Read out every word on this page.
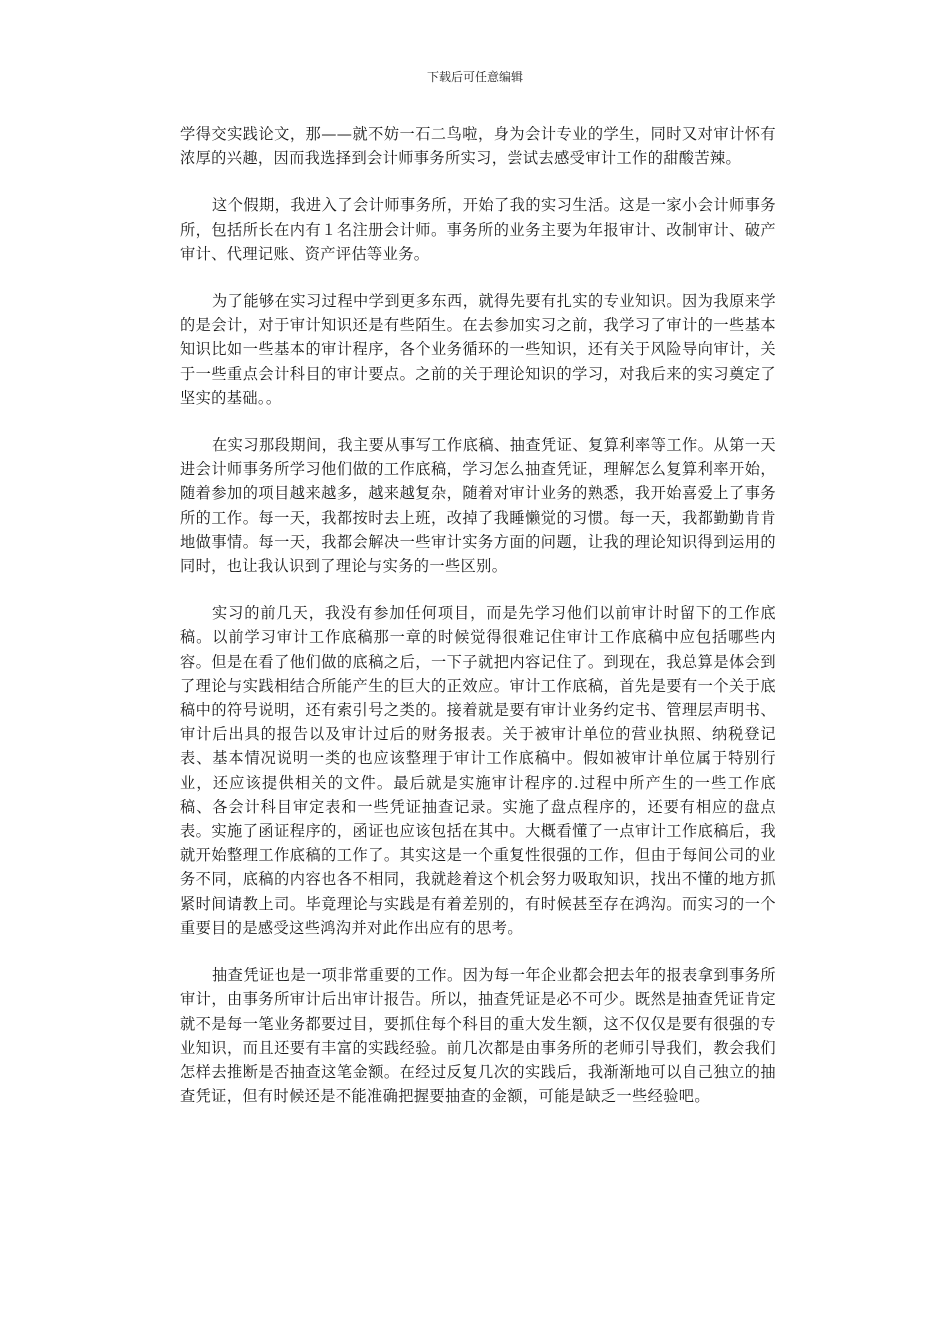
下载后可任意编辑

学得交实践论文，那——就不妨一石二鸟啦，身为会计专业的学生，同时又对审计怀有浓厚的兴趣，因而我选择到会计师事务所实习，尝试去感受审计工作的甜酸苦辣。

这个假期，我进入了会计师事务所，开始了我的实习生活。这是一家小会计师事务所，包括所长在内有１名注册会计师。事务所的业务主要为年报审计、改制审计、破产审计、代理记账、资产评估等业务。

为了能够在实习过程中学到更多东西，就得先要有扎实的专业知识。因为我原来学的是会计，对于审计知识还是有些陌生。在去参加实习之前，我学习了审计的一些基本知识比如一些基本的审计程序，各个业务循环的一些知识，还有关于风险导向审计，关于一些重点会计科目的审计要点。之前的关于理论知识的学习，对我后来的实习奠定了坚实的基础。。

在实习那段期间，我主要从事写工作底稿、抽查凭证、复算利率等工作。从第一天进会计师事务所学习他们做的工作底稿，学习怎么抽查凭证，理解怎么复算利率开始，随着参加的项目越来越多，越来越复杂，随着对审计业务的熟悉，我开始喜爱上了事务所的工作。每一天，我都按时去上班，改掉了我睡懒觉的习惯。每一天，我都勤勤肯肯地做事情。每一天，我都会解决一些审计实务方面的问题，让我的理论知识得到运用的同时，也让我认识到了理论与实务的一些区别。

实习的前几天，我没有参加任何项目，而是先学习他们以前审计时留下的工作底稿。以前学习审计工作底稿那一章的时候觉得很难记住审计工作底稿中应包括哪些内容。但是在看了他们做的底稿之后，一下子就把内容记住了。到现在，我总算是体会到了理论与实践相结合所能产生的巨大的正效应。审计工作底稿，首先是要有一个关于底稿中的符号说明，还有索引号之类的。接着就是要有审计业务约定书、管理层声明书、审计后出具的报告以及审计过后的财务报表。关于被审计单位的营业执照、纳税登记表、基本情况说明一类的也应该整理于审计工作底稿中。假如被审计单位属于特别行业，还应该提供相关的文件。最后就是实施审计程序的.过程中所产生的一些工作底稿、各会计科目审定表和一些凭证抽查记录。实施了盘点程序的，还要有相应的盘点表。实施了函证程序的，函证也应该包括在其中。大概看懂了一点审计工作底稿后，我就开始整理工作底稿的工作了。其实这是一个重复性很强的工作，但由于每间公司的业务不同，底稿的内容也各不相同，我就趁着这个机会努力吸取知识，找出不懂的地方抓紧时间请教上司。毕竟理论与实践是有着差别的，有时候甚至存在鸿沟。而实习的一个重要目的是感受这些鸿沟并对此作出应有的思考。

抽查凭证也是一项非常重要的工作。因为每一年企业都会把去年的报表拿到事务所审计，由事务所审计后出审计报告。所以，抽查凭证是必不可少。既然是抽查凭证肯定就不是每一笔业务都要过目，要抓住每个科目的重大发生额，这不仅仅是要有很强的专业知识，而且还要有丰富的实践经验。前几次都是由事务所的老师引导我们，教会我们怎样去推断是否抽查这笔金额。在经过反复几次的实践后，我渐渐地可以自己独立的抽查凭证，但有时候还是不能准确把握要抽查的金额，可能是缺乏一些经验吧。
